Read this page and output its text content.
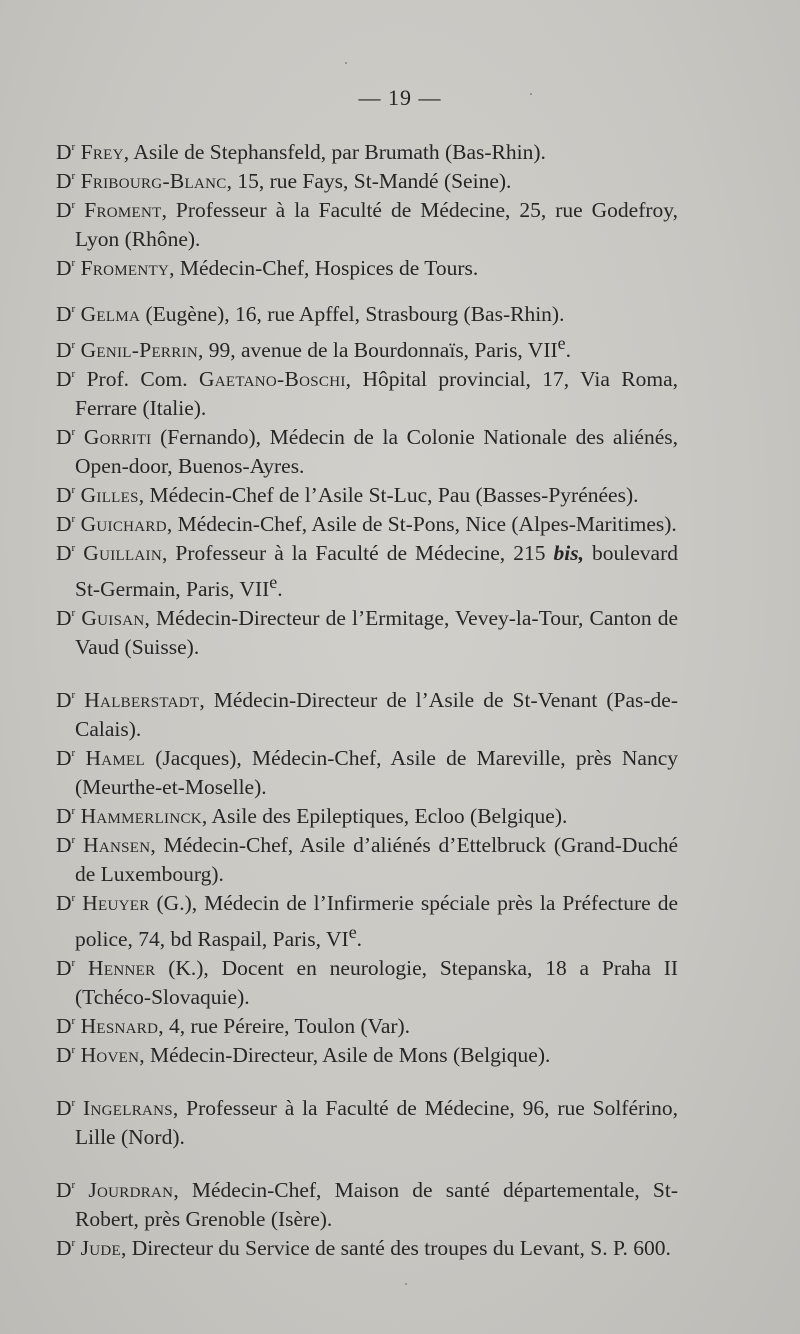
— 19 —

$D^r$ Frey, Asile de Stephansfeld, par Brumath (Bas-Rhin).

$D^r$ Fribourg-Blanc, 15, rue Fays, St-Mandé (Seine).

$D^r$ Froment, Professeur à la Faculté de Médecine, 25, rue Godefroy, Lyon (Rhône).

$D^r$ Fromenty, Médecin-Chef, Hospices de Tours.

$D^r$ Gelma (Eugène), 16, rue Apffel, Strasbourg (Bas-Rhin).

$D^r$ Genil-Perrin, 99, avenue de la Bourdonnaïs, Paris, VIIe.

$D^r$ Prof. Com. Gaetano-Boschi, Hôpital provincial, 17, Via Roma, Ferrare (Italie).

$D^r$ Gorriti (Fernando), Médecin de la Colonie Nationale des aliénés, Open-door, Buenos-Ayres.

$D^r$ Gilles, Médecin-Chef de l’Asile St-Luc, Pau (Basses-Pyrénées).

$D^r$ Guichard, Médecin-Chef, Asile de St-Pons, Nice (Alpes-Maritimes).

$D^r$ Guillain, Professeur à la Faculté de Médecine, 215 bis, boulevard St-Germain, Paris, VIIe.

$D^r$ Guisan, Médecin-Directeur de l’Ermitage, Vevey-la-Tour, Canton de Vaud (Suisse).

$D^r$ Halberstadt, Médecin-Directeur de l’Asile de St-Venant (Pas-de-Calais).

$D^r$ Hamel (Jacques), Médecin-Chef, Asile de Mareville, près Nancy (Meurthe-et-Moselle).

$D^r$ Hammerlinck, Asile des Epileptiques, Ecloo (Belgique).

$D^r$ Hansen, Médecin-Chef, Asile d’aliénés d’Ettelbruck (Grand-Duché de Luxembourg).

$D^r$ Heuyer (G.), Médecin de l’Infirmerie spéciale près la Préfecture de police, 74, bd Raspail, Paris, VIe.

$D^r$ Henner (K.), Docent en neurologie, Stepanska, 18 a Praha II (Tchéco-Slovaquie).

$D^r$ Hesnard, 4, rue Péreire, Toulon (Var).

$D^r$ Hoven, Médecin-Directeur, Asile de Mons (Belgique).

$D^r$ Ingelrans, Professeur à la Faculté de Médecine, 96, rue Solférino, Lille (Nord).

$D^r$ Jourdran, Médecin-Chef, Maison de santé départementale, St-Robert, près Grenoble (Isère).

$D^r$ Jude, Directeur du Service de santé des troupes du Levant, S. P. 600.
